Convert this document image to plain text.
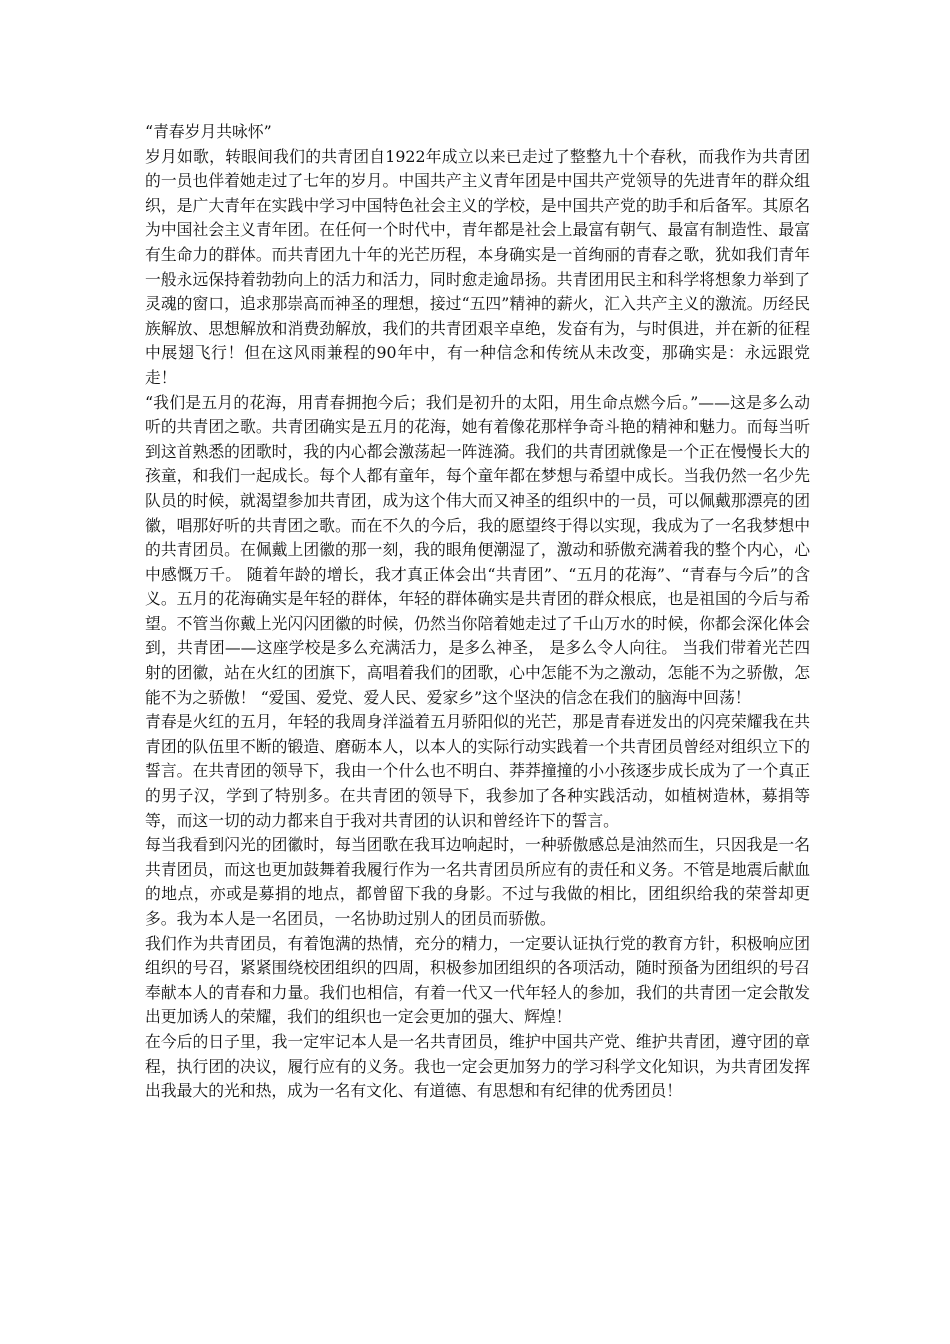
“青春岁月共咏怀”

岁月如歌，转眼间我们的共青团自1922年成立以来已走过了整整九十个春秋，而我作为共青团的一员也伴着她走过了七年的岁月。中国共产主义青年团是中国共产党领导的先进青年的群众组织，是广大青年在实践中学习中国特色社会主义的学校，是中国共产党的助手和后备军。其原名为中国社会主义青年团。在任何一个时代中，青年都是社会上最富有朝气、最富有制造性、最富有生命力的群体。而共青团九十年的光芒历程，本身确实是一首绚丽的青春之歌，犹如我们青年一般永远保持着勃勃向上的活力和活力，同时愈走逾昂扬。共青团用民主和科学将想象力举到了灵魂的窗口，追求那崇高而神圣的理想，接过“五四”精神的薪火，汇入共产主义的激流。历经民族解放、思想解放和消费劲解放，我们的共青团艰辛卓绝，发奋有为，与时俱进，并在新的征程中展翅飞行！但在这风雨兼程的90年中，有一种信念和传统从未改变，那确实是：永远跟党走！

“我们是五月的花海，用青春拥抱今后；我们是初升的太阳，用生命点燃今后。”——这是多么动听的共青团之歌。共青团确实是五月的花海，她有着像花那样争奇斗艳的精神和魅力。而每当听到这首熟悉的团歌时，我的内心都会激荡起一阵涟漪。我们的共青团就像是一个正在慢慢长大的孩童，和我们一起成长。每个人都有童年，每个童年都在梦想与希望中成长。当我仍然一名少先队员的时候，就渴望参加共青团，成为这个伟大而又神圣的组织中的一员，可以佩戴那漂亮的团徽，唱那好听的共青团之歌。而在不久的今后，我的愿望终于得以实现，我成为了一名我梦想中的共青团员。在佩戴上团徽的那一刻，我的眼角便潮湿了，激动和骄傲充满着我的整个内心，心中感慨万千。 随着年龄的增长，我才真正体会出“共青团”、“五月的花海”、“青春与今后”的含义。五月的花海确实是年轻的群体，年轻的群体确实是共青团的群众根底，也是祖国的今后与希望。不管当你戴上光闪闪团徽的时候，仍然当你陪着她走过了千山万水的时候，你都会深化体会到，共青团——这座学校是多么充满活力，是多么神圣， 是多么令人向往。 当我们带着光芒四射的团徽，站在火红的团旗下，高唱着我们的团歌，心中怎能不为之激动，怎能不为之骄傲，怎能不为之骄傲！ “爱国、爱党、爱人民、爱家乡”这个坚決的信念在我们的脑海中回荡！

青春是火红的五月，年轻的我周身洋溢着五月骄阳似的光芒，那是青春迸发出的闪亮荣耀我在共青团的队伍里不断的锻造、磨砺本人，以本人的实际行动实践着一个共青团员曾经对组织立下的誓言。在共青团的领导下，我由一个什么也不明白、莽莽撞撞的小小孩逐步成长成为了一个真正的男子汉，学到了特别多。在共青团的领导下，我参加了各种实践活动，如植树造林，募捐等等，而这一切的动力都来自于我对共青团的认识和曾经许下的誓言。

每当我看到闪光的团徽时，每当团歌在我耳边响起时，一种骄傲感总是油然而生，只因我是一名共青团员，而这也更加鼓舞着我履行作为一名共青团员所应有的责任和义务。不管是地震后献血的地点，亦或是募捐的地点，都曾留下我的身影。不过与我做的相比，团组织给我的荣誉却更多。我为本人是一名团员，一名协助过别人的团员而骄傲。

我们作为共青团员，有着饱满的热情，充分的精力，一定要认证执行党的教育方针，积极响应团组织的号召，紧紧围绕校团组织的四周，积极参加团组织的各项活动，随时预备为团组织的号召奉献本人的青春和力量。我们也相信，有着一代又一代年轻人的参加，我们的共青团一定会散发出更加诱人的荣耀，我们的组织也一定会更加的强大、辉煌！

在今后的日子里，我一定牢记本人是一名共青团员，维护中国共产党、维护共青团，遵守团的章程，执行团的决议，履行应有的义务。我也一定会更加努力的学习科学文化知识，为共青团发挥出我最大的光和热，成为一名有文化、有道德、有思想和有纪律的优秀团员！
